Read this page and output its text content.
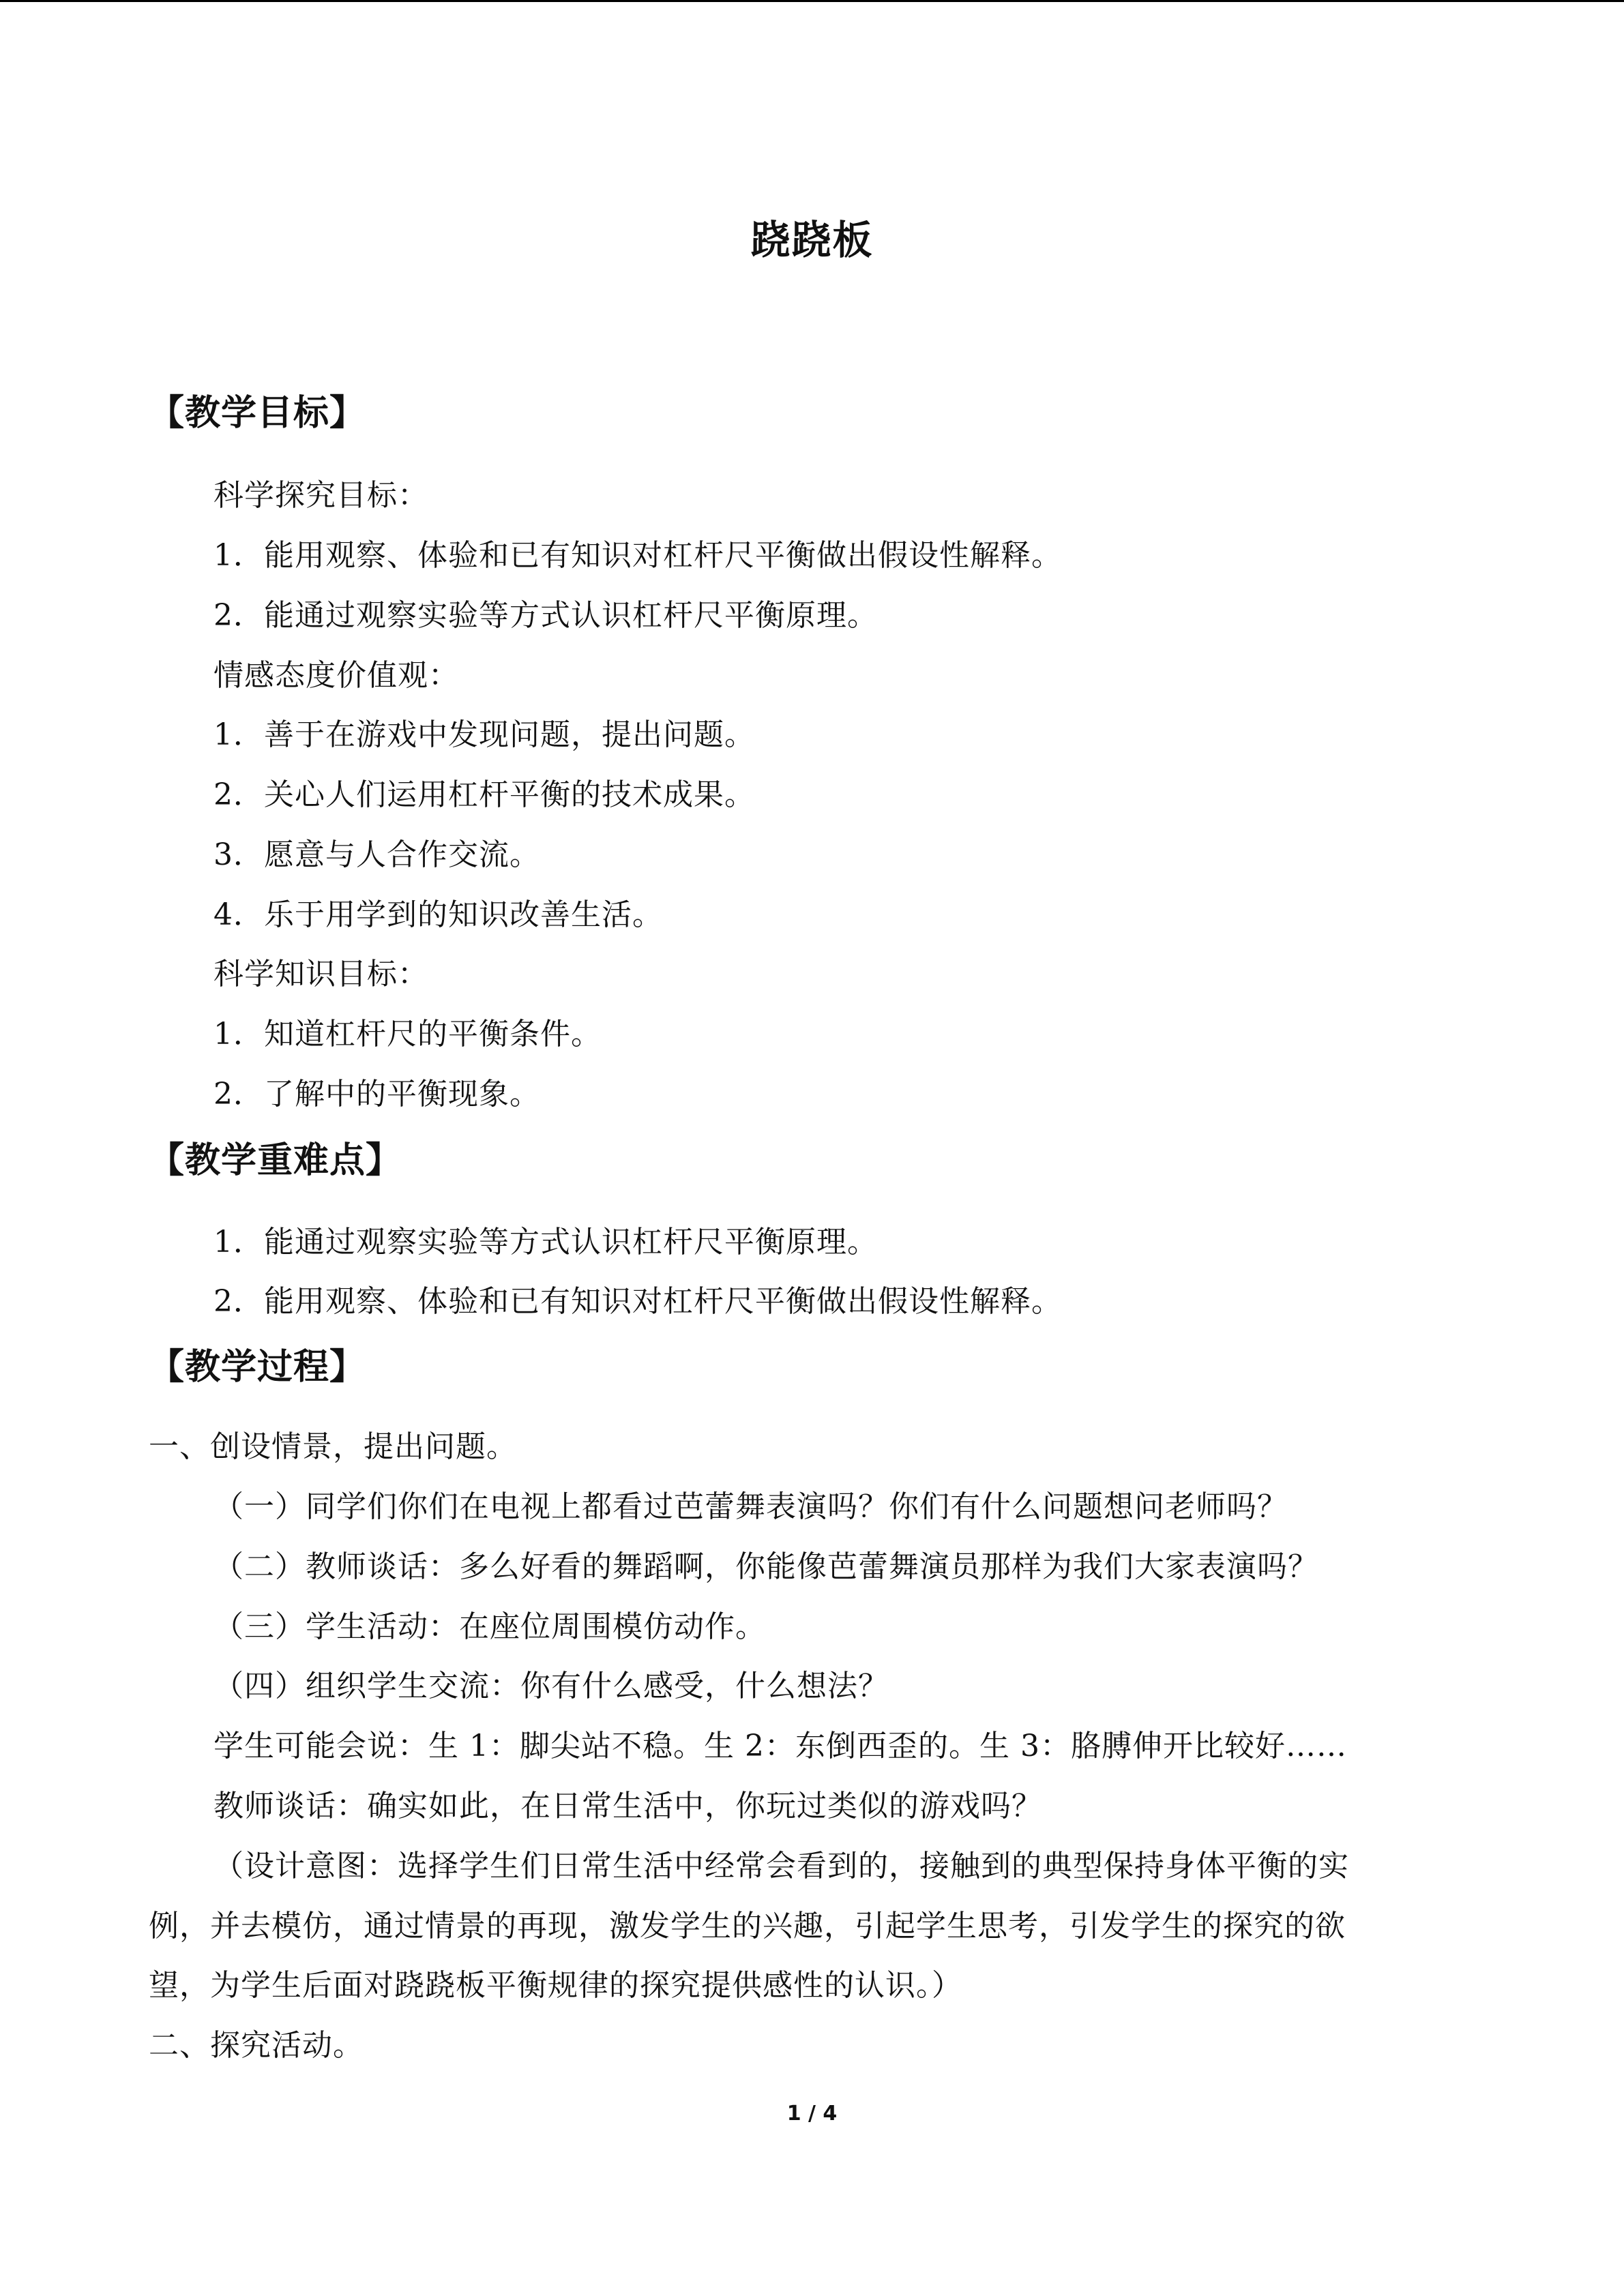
跷跷板
【教学目标】
科学探究目标：
1．能用观察、体验和已有知识对杠杆尺平衡做出假设性解释。
2．能通过观察实验等方式认识杠杆尺平衡原理。
情感态度价值观：
1．善于在游戏中发现问题，提出问题。
2．关心人们运用杠杆平衡的技术成果。
3．愿意与人合作交流。
4．乐于用学到的知识改善生活。
科学知识目标：
1．知道杠杆尺的平衡条件。
2．了解中的平衡现象。
【教学重难点】
1．能通过观察实验等方式认识杠杆尺平衡原理。
2．能用观察、体验和已有知识对杠杆尺平衡做出假设性解释。
【教学过程】
一、创设情景，提出问题。
（一）同学们你们在电视上都看过芭蕾舞表演吗？你们有什么问题想问老师吗？
（二）教师谈话：多么好看的舞蹈啊，你能像芭蕾舞演员那样为我们大家表演吗？
（三）学生活动：在座位周围模仿动作。
（四）组织学生交流：你有什么感受，什么想法？
学生可能会说：生 1：脚尖站不稳。生 2：东倒西歪的。生 3：胳膊伸开比较好……
教师谈话：确实如此，在日常生活中，你玩过类似的游戏吗？
（设计意图：选择学生们日常生活中经常会看到的，接触到的典型保持身体平衡的实
例，并去模仿，通过情景的再现，激发学生的兴趣，引起学生思考，引发学生的探究的欲
望，为学生后面对跷跷板平衡规律的探究提供感性的认识。）
二、探究活动。
1 / 4
